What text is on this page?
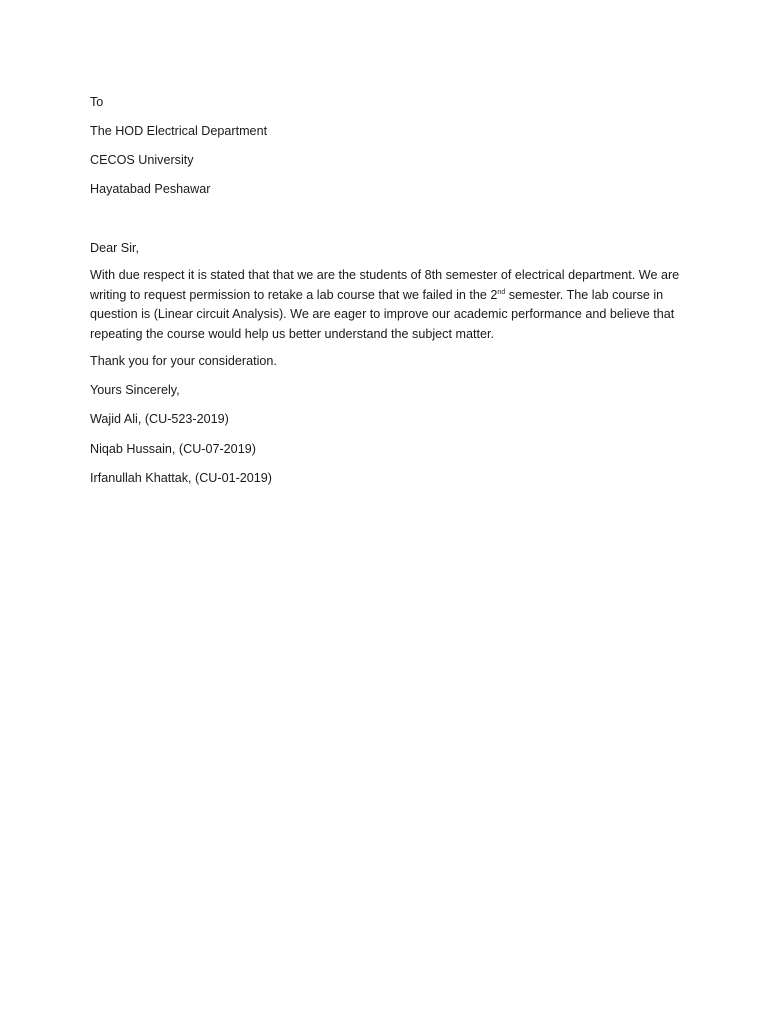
To
The HOD Electrical Department
CECOS University
Hayatabad Peshawar
Dear Sir,
With due respect it is stated that that we are the students of 8th semester of electrical department. We are writing to request permission to retake a lab course that we failed in the 2nd semester. The lab course in question is (Linear circuit Analysis). We are eager to improve our academic performance and believe that repeating the course would help us better understand the subject matter.
Thank you for your consideration.
Yours Sincerely,
Wajid Ali, (CU-523-2019)
Niqab Hussain, (CU-07-2019)
Irfanullah Khattak, (CU-01-2019)
